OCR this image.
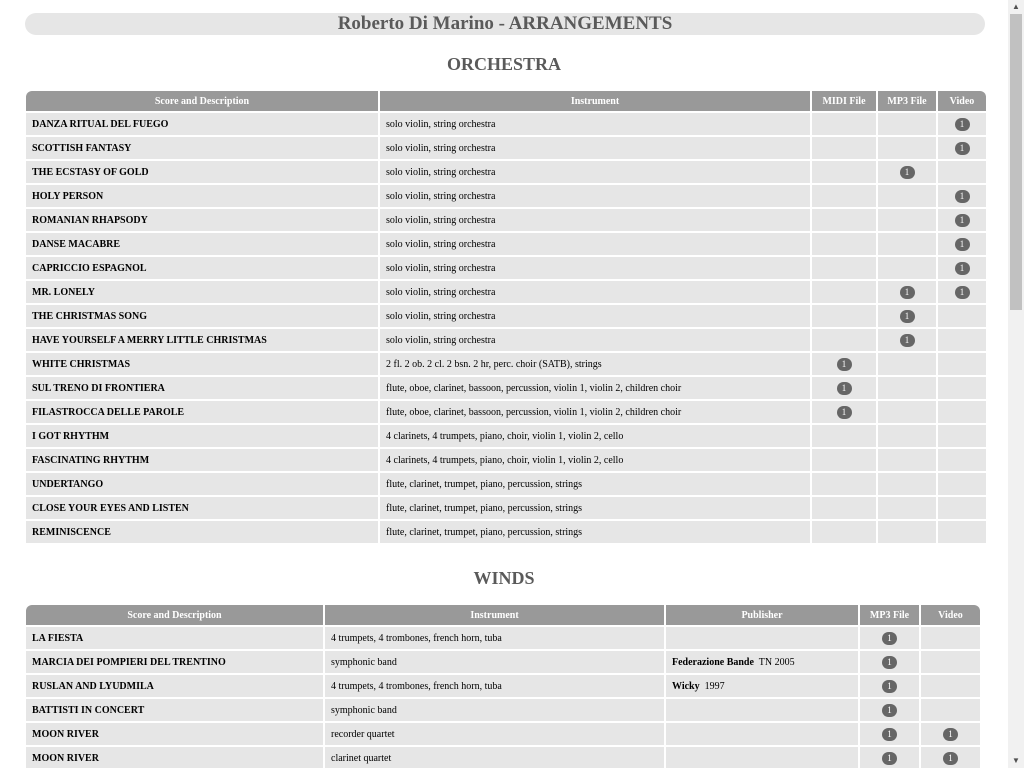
Roberto Di Marino - ARRANGEMENTS
ORCHESTRA
Score and Description	Instrument	MIDI File	MP3 File	Video
DANZA RITUAL DEL FUEGO	solo violin, string orchestra			1
SCOTTISH FANTASY	solo violin, string orchestra			1
THE ECSTASY OF GOLD	solo violin, string orchestra		1	
HOLY PERSON	solo violin, string orchestra			1
ROMANIAN RHAPSODY	solo violin, string orchestra			1
DANSE MACABRE	solo violin, string orchestra			1
CAPRICCIO ESPAGNOL	solo violin, string orchestra			1
MR. LONELY	solo violin, string orchestra		1	1
THE CHRISTMAS SONG	solo violin, string orchestra		1	
HAVE YOURSELF A MERRY LITTLE CHRISTMAS	solo violin, string orchestra		1	
WHITE CHRISTMAS	2 fl. 2 ob. 2 cl. 2 bsn. 2 hr, perc. choir (SATB), strings	1		
SUL TRENO DI FRONTIERA	flute, oboe, clarinet, bassoon, percussion, violin 1, violin 2, children choir	1		
FILASTROCCA DELLE PAROLE	flute, oboe, clarinet, bassoon, percussion, violin 1, violin 2, children choir	1		
I GOT RHYTHM	4 clarinets, 4 trumpets, piano, choir, violin 1, violin 2, cello			
FASCINATING RHYTHM	4 clarinets, 4 trumpets, piano, choir, violin 1, violin 2, cello			
UNDERTANGO	flute, clarinet, trumpet, piano, percussion, strings			
CLOSE YOUR EYES AND LISTEN	flute, clarinet, trumpet, piano, percussion, strings			
REMINISCENCE	flute, clarinet, trumpet, piano, percussion, strings			
WINDS
Score and Description	Instrument	Publisher	MP3 File	Video
LA FIESTA	4 trumpets, 4 trombones, french horn, tuba		1	
MARCIA DEI POMPIERI DEL TRENTINO	symphonic band	Federazione Bande TN 2005	1	
RUSLAN AND LYUDMILA	4 trumpets, 4 trombones, french horn, tuba	Wicky 1997	1	
BATTISTI IN CONCERT	symphonic band		1	
MOON RIVER	recorder quartet		1	1
MOON RIVER	clarinet quartet		1	1
▲
▼
